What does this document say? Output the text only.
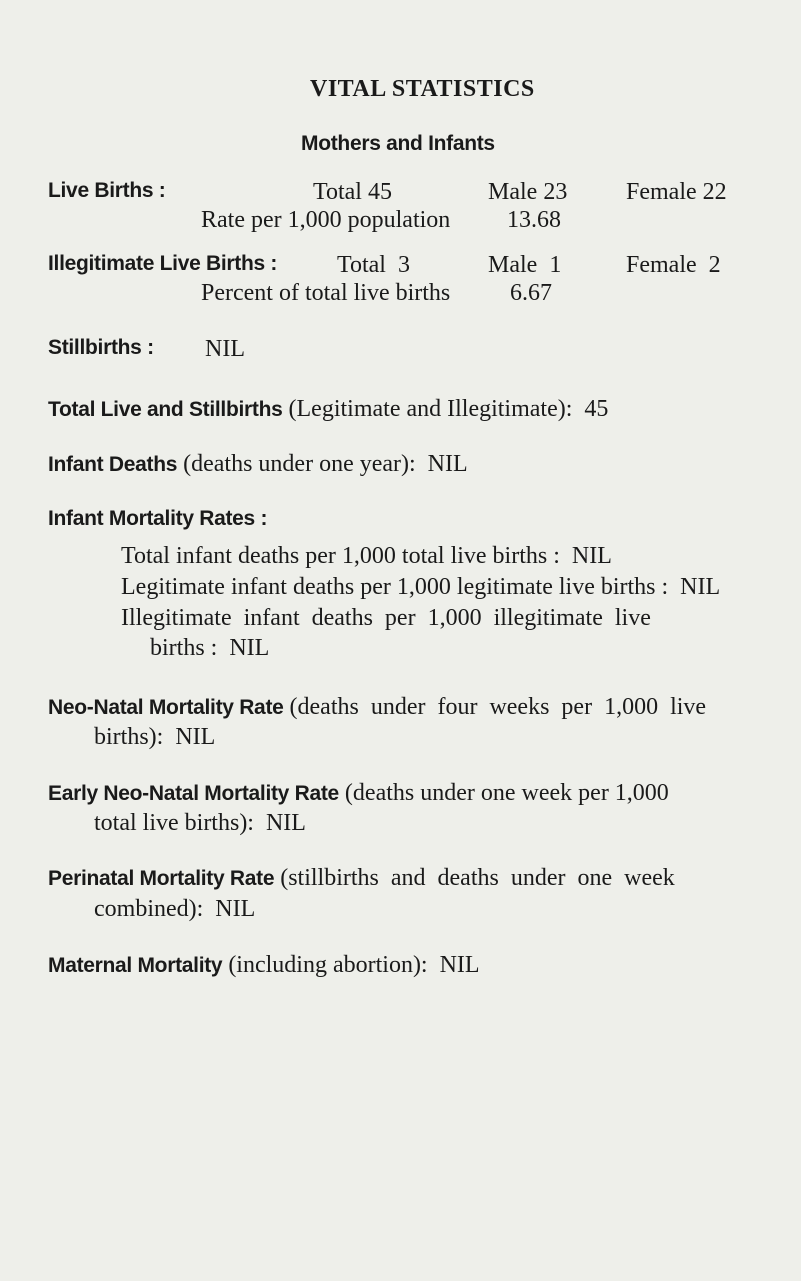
VITAL STATISTICS
Mothers and Infants
Live Births :	Total 45	Male 23 Female 22
Rate per 1,000 population 13.68
Illegitimate Live Births : Total  3	Male  1	Female  2
Percent of total live births 6.67
Stillbirths : NIL
Total Live and Stillbirths (Legitimate and Illegitimate):  45
Infant Deaths (deaths under one year):  NIL
Infant Mortality Rates :
Total infant deaths per 1,000 total live births :  NIL
Legitimate infant deaths per 1,000 legitimate live births :  NIL
Illegitimate  infant  deaths  per  1,000  illegitimate  live
births :  NIL
Neo-Natal Mortality Rate (deaths  under  four  weeks  per  1,000  live
births):  NIL
Early Neo-Natal Mortality Rate (deaths under one week per 1,000
total live births):  NIL
Perinatal Mortality Rate (stillbirths  and  deaths  under  one  week
combined):  NIL
Maternal Mortality (including abortion):  NIL
